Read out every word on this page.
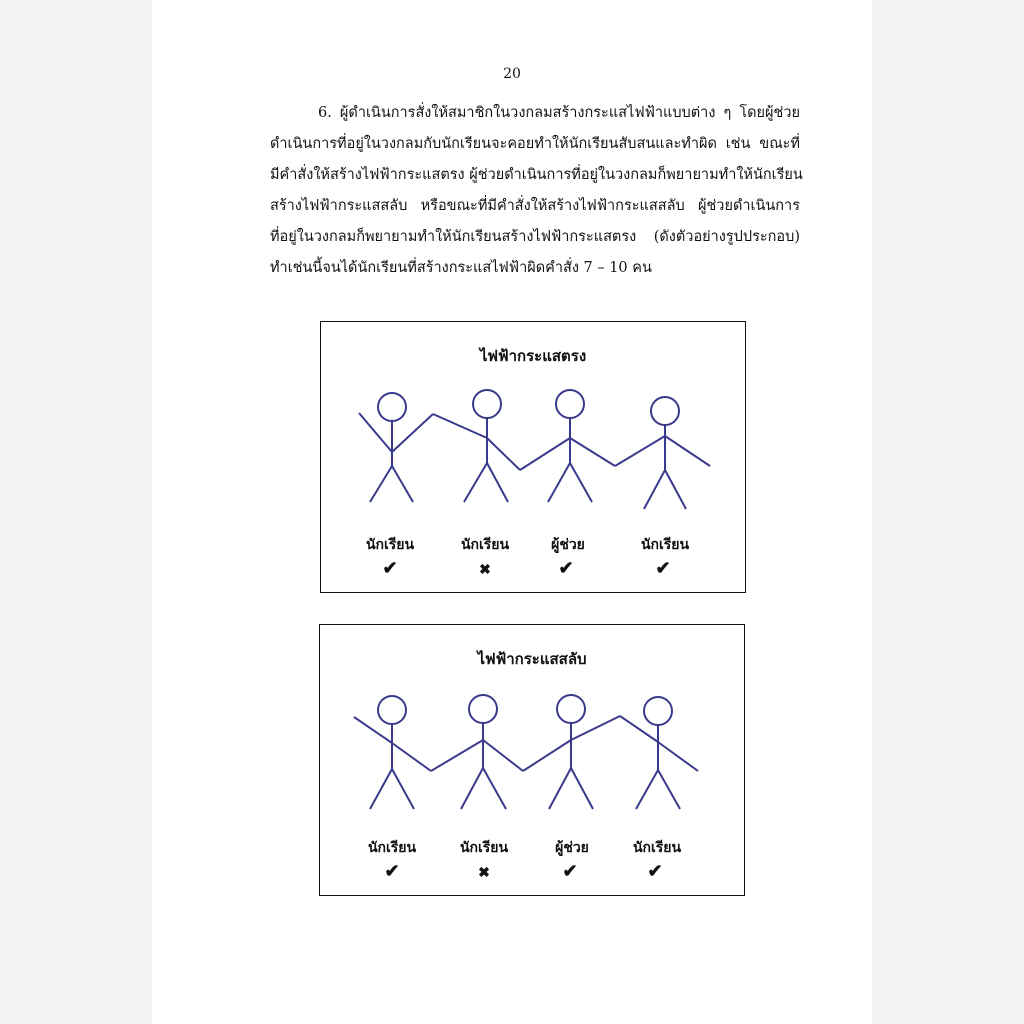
20
6. ผู้ดำเนินการสั่งให้สมาชิกในวงกลมสร้างกระแสไฟฟ้าแบบต่าง ๆ โดยผู้ช่วย
ดำเนินการที่อยู่ในวงกลมกับนักเรียนจะคอยทำให้นักเรียนสับสนและทำผิด เช่น ขณะที่
มีคำสั่งให้สร้างไฟฟ้ากระแสตรง ผู้ช่วยดำเนินการที่อยู่ในวงกลมก็พยายามทำให้นักเรียน
สร้างไฟฟ้ากระแสสลับ หรือขณะที่มีคำสั่งให้สร้างไฟฟ้ากระแสสลับ ผู้ช่วยดำเนินการ
ที่อยู่ในวงกลมก็พยายามทำให้นักเรียนสร้างไฟฟ้ากระแสตรง (ดังตัวอย่างรูปประกอบ)
ทำเช่นนี้จนได้นักเรียนที่สร้างกระแสไฟฟ้าผิดคำสั่ง 7 – 10 คน
ไฟฟ้ากระแสตรง
นักเรียน	นักเรียน	ผู้ช่วย	นักเรียน
✔	✖	✔	✔
ไฟฟ้ากระแสสลับ
นักเรียน	นักเรียน	ผู้ช่วย	นักเรียน
✔	✖	✔	✔
